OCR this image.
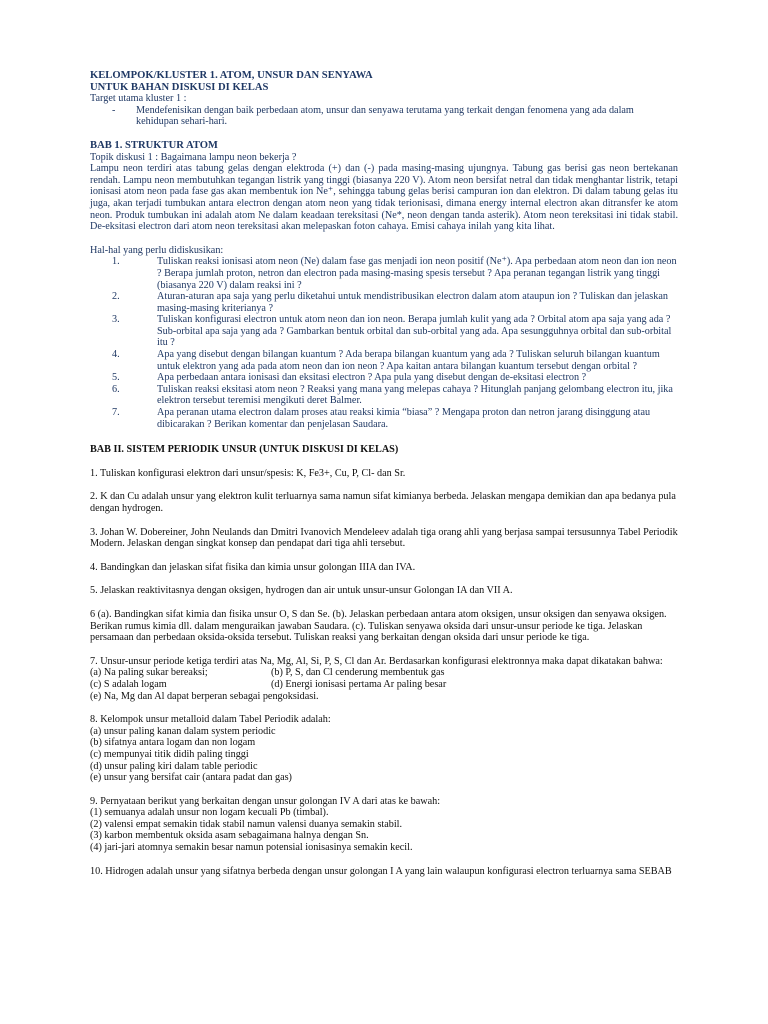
KELOMPOK/KLUSTER 1. ATOM, UNSUR DAN SENYAWA
UNTUK BAHAN DISKUSI DI KELAS

Target utama kluster 1 :

-	Mendefenisikan dengan baik perbedaan atom, unsur dan senyawa terutama yang terkait dengan fenomena yang ada dalam kehidupan sehari-hari.
BAB 1. STRUKTUR ATOM

Topik diskusi 1 : Bagaimana lampu neon bekerja ?

Lampu neon terdiri atas tabung gelas dengan elektroda (+) dan (-) pada masing-masing ujungnya. Tabung gas berisi gas neon bertekanan rendah. Lampu neon membutuhkan tegangan listrik yang tinggi (biasanya 220 V). Atom neon bersifat netral dan tidak menghantar listrik, tetapi ionisasi atom neon pada fase gas akan membentuk ion Ne⁺, sehingga tabung gelas berisi campuran ion dan elektron. Di dalam tabung gelas itu juga, akan terjadi tumbukan antara electron dengan atom neon yang tidak terionisasi, dimana energy internal electron akan ditransfer ke atom neon. Produk tumbukan ini adalah atom Ne dalam keadaan tereksitasi (Ne*, neon dengan tanda asterik). Atom neon tereksitasi ini tidak stabil. De-eksitasi electron dari atom neon tereksitasi akan melepaskan foton cahaya. Emisi cahaya inilah yang kita lihat.

Hal-hal yang perlu didiskusikan:

1.	Tuliskan reaksi ionisasi atom neon (Ne) dalam fase gas menjadi ion neon positif (Ne⁺). Apa perbedaan atom neon dan ion neon ? Berapa jumlah proton, netron dan electron pada masing-masing spesis tersebut ? Apa peranan tegangan listrik yang tinggi (biasanya 220 V) dalam reaksi ini ?
2.	Aturan-aturan apa saja yang perlu diketahui untuk mendistribusikan electron dalam atom ataupun ion ? Tuliskan dan jelaskan masing-masing kriterianya ?
3.	Tuliskan konfigurasi electron untuk atom neon dan ion neon. Berapa jumlah kulit yang ada ? Orbital atom apa saja yang ada ? Sub-orbital apa saja yang ada ? Gambarkan bentuk orbital dan sub-orbital yang ada. Apa sesungguhnya orbital dan sub-orbital itu ?
4.	Apa yang disebut dengan bilangan kuantum ? Ada berapa bilangan kuantum yang ada ? Tuliskan seluruh bilangan kuantum untuk elektron yang ada pada atom neon dan ion neon ? Apa kaitan antara bilangan kuantum tersebut dengan orbital ?
5.	Apa perbedaan antara ionisasi dan eksitasi electron ? Apa pula yang disebut dengan de-eksitasi electron ?
6.	Tuliskan reaksi eksitasi atom neon ? Reaksi yang mana yang melepas cahaya ? Hitunglah panjang gelombang electron itu, jika elektron tersebut teremisi mengikuti deret Balmer.
7.	Apa peranan utama electron dalam proses atau reaksi kimia “biasa” ? Mengapa proton dan netron jarang disinggung atau dibicarakan ? Berikan komentar dan penjelasan Saudara.
BAB II. SISTEM PERIODIK UNSUR (UNTUK DISKUSI DI KELAS)

1. Tuliskan konfigurasi elektron dari unsur/spesis: K, Fe3+, Cu, P, Cl- dan Sr.

2. K dan Cu adalah unsur yang elektron kulit terluarnya sama namun sifat kimianya berbeda. Jelaskan mengapa demikian dan apa bedanya pula dengan hydrogen.

3. Johan W. Dobereiner, John Neulands dan Dmitri Ivanovich Mendeleev adalah tiga orang ahli yang berjasa sampai tersusunnya Tabel Periodik Modern. Jelaskan dengan singkat konsep dan pendapat dari tiga ahli tersebut.

4. Bandingkan dan jelaskan sifat fisika dan kimia unsur golongan IIIA dan IVA.

5. Jelaskan reaktivitasnya dengan oksigen, hydrogen dan air untuk unsur-unsur Golongan IA dan VII A.

6 (a). Bandingkan sifat kimia dan fisika unsur O, S dan Se. (b). Jelaskan perbedaan antara atom oksigen, unsur oksigen dan senyawa oksigen. Berikan rumus kimia dll. dalam menguraikan jawaban Saudara. (c). Tuliskan senyawa oksida dari unsur-unsur periode ke tiga. Jelaskan persamaan dan perbedaan oksida-oksida tersebut. Tuliskan reaksi yang berkaitan dengan oksida dari unsur periode ke tiga.

7. Unsur-unsur periode ketiga terdiri atas Na, Mg, Al, Si, P, S, Cl dan Ar. Berdasarkan konfigurasi elektronnya maka dapat dikatakan bahwa:

(a) Na paling sukar bereaksi;	(b) P, S, dan Cl cenderung membentuk gas
(c) S adalah logam	(d) Energi ionisasi pertama Ar paling besar

(e) Na, Mg dan Al dapat berperan sebagai pengoksidasi.

8. Kelompok unsur metalloid dalam Tabel Periodik adalah:

(a) unsur paling kanan dalam system periodic

(b) sifatnya antara logam dan non logam

(c) mempunyai titik didih paling tinggi

(d) unsur paling kiri dalam table periodic

(e) unsur yang bersifat cair (antara padat dan gas)

9. Pernyataan berikut yang berkaitan dengan unsur golongan IV A dari atas ke bawah:

(1) semuanya adalah unsur non logam kecuali Pb (timbal).

(2) valensi empat semakin tidak stabil namun valensi duanya semakin stabil.

(3) karbon membentuk oksida asam sebagaimana halnya dengan Sn.

(4) jari-jari atomnya semakin besar namun potensial ionisasinya semakin kecil.

10. Hidrogen adalah unsur yang sifatnya berbeda dengan unsur golongan I A yang lain walaupun konfigurasi electron terluarnya sama SEBAB
